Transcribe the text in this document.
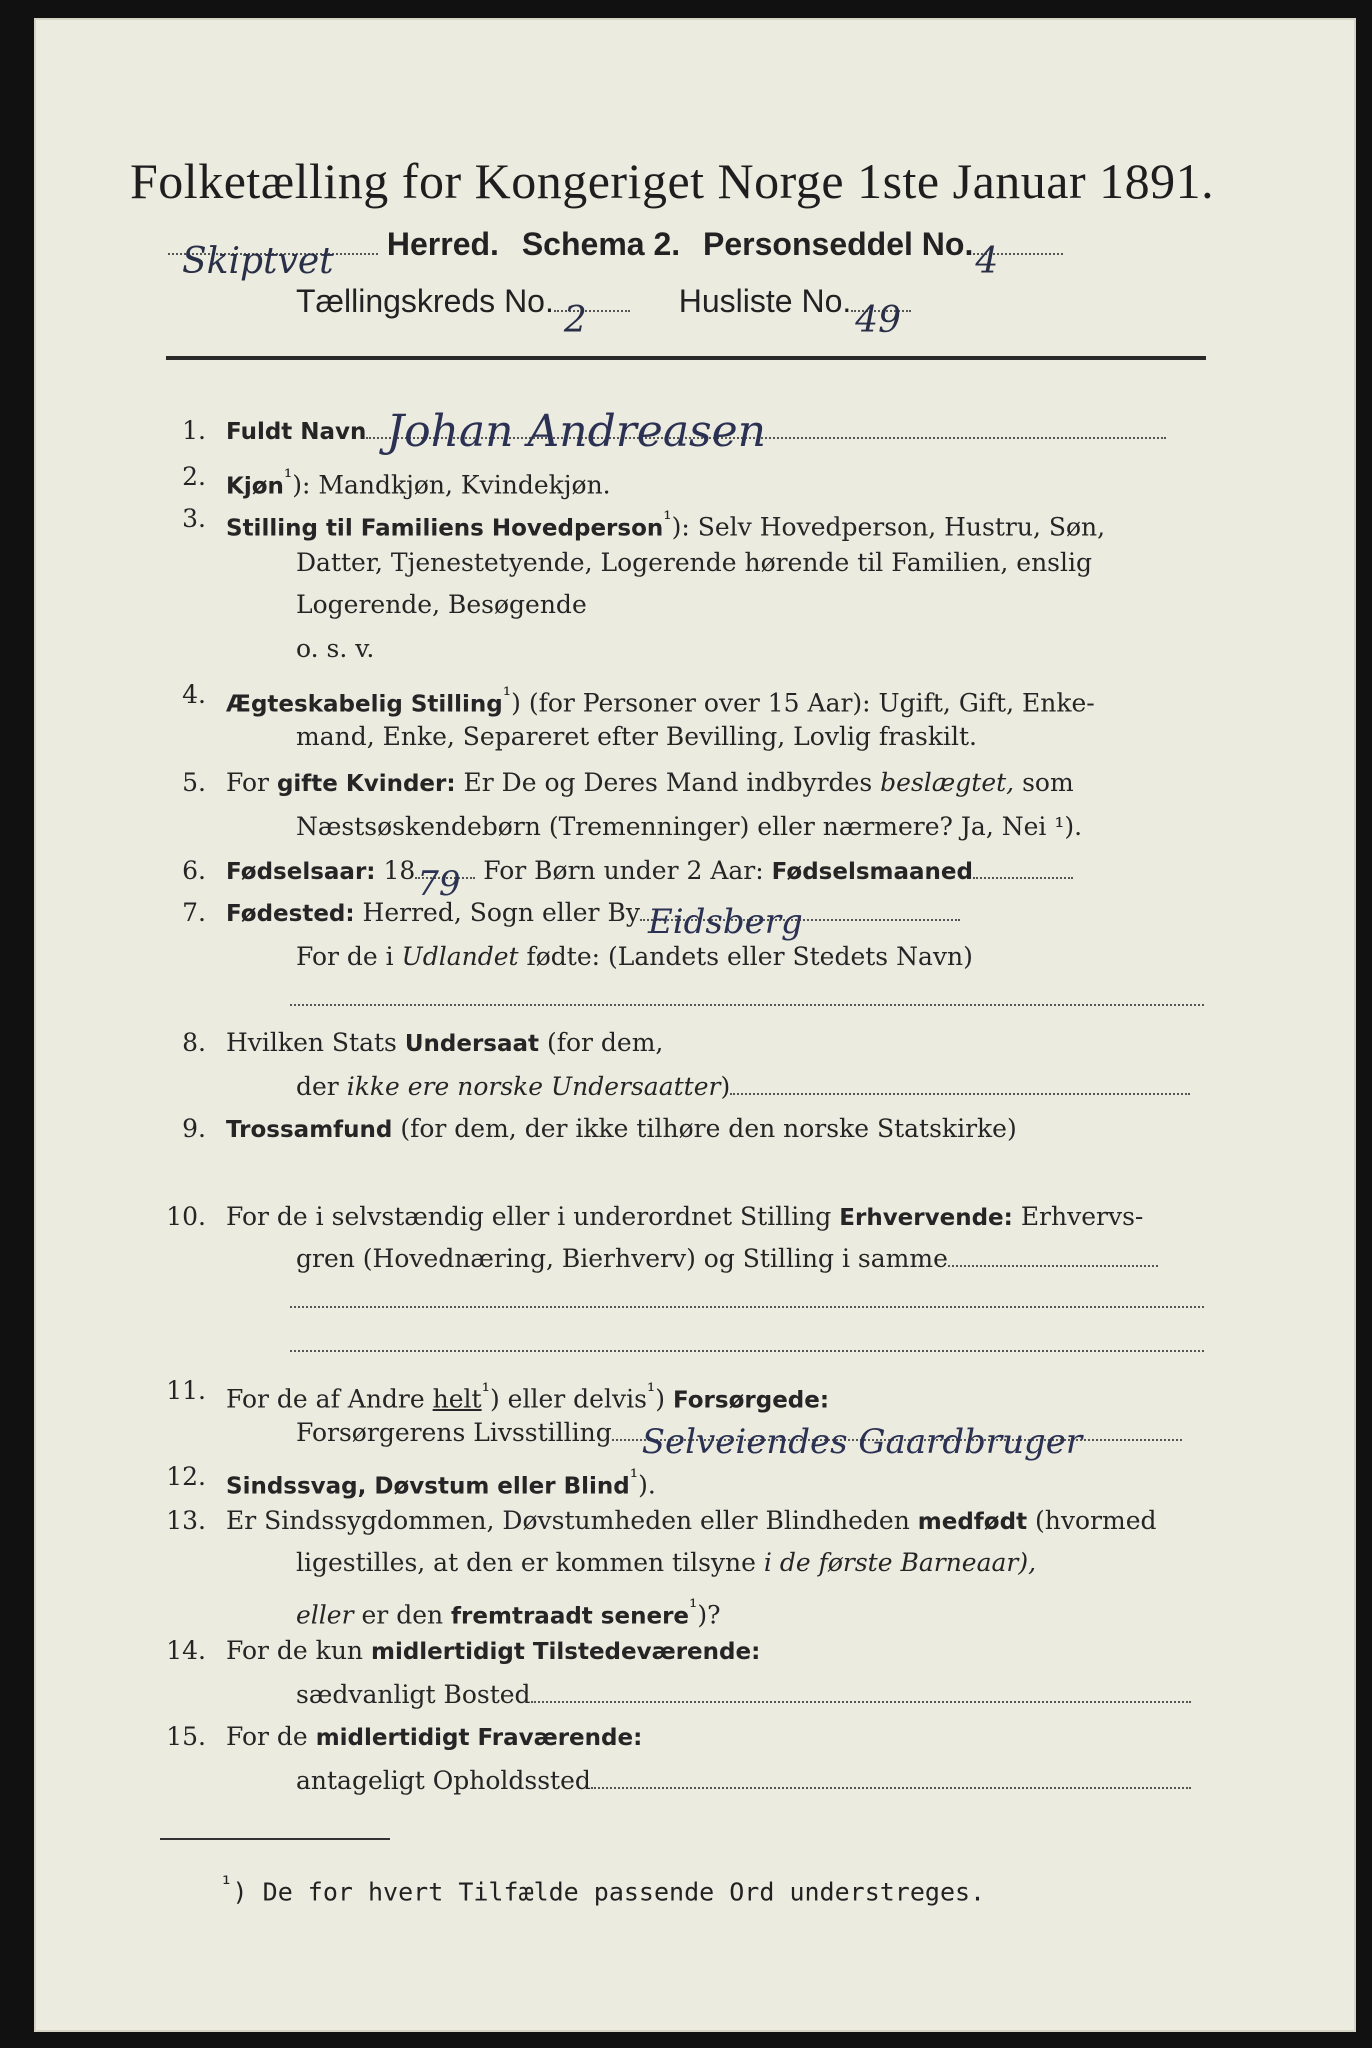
Folketælling for Kongeriget Norge 1ste Januar 1891.
Skiptvet Herred. Schema 2. Personseddel No. 4
Tællingskreds No. 2	Husliste No. 49
1. Fuldt Navn Johan Andreasen
2. Kjøn$^{^1}$): Mandkjøn, Kvindekjøn.
3. Stilling til Familiens Hovedperson$^{^1}$): Selv Hovedperson, Hustru, Søn,
Datter, Tjenestetyende, Logerende hørende til Familien, enslig
Logerende, Besøgende
o. s. v.
4. Ægteskabelig Stilling$^{^1}$) (for Personer over 15 Aar): Ugift, Gift, Enke-
mand, Enke, Separeret efter Bevilling, Lovlig fraskilt.
5. For gifte Kvinder: Er De og Deres Mand indbyrdes beslægtet, som
Næstsøskendebørn (Tremenninger) eller nærmere? Ja, Nei ¹).
6. Fødselsaar: 18 79 For Børn under 2 Aar: Fødselsmaaned
7. Fødested: Herred, Sogn eller By Eidsberg
For de i Udlandet fødte: (Landets eller Stedets Navn)
8. Hvilken Stats Undersaat (for dem,
der ikke ere norske Undersaatter)
9. Trossamfund (for dem, der ikke tilhøre den norske Statskirke)
10. For de i selvstændig eller i underordnet Stilling Erhvervende: Erhvervs-
gren (Hovednæring, Bierhverv) og Stilling i samme
11. For de af Andre helt$^{^1}$) eller delvis$^{^1}$) Forsørgede:
Forsørgerens Livsstilling Selveiendes Gaardbruger
12. Sindssvag, Døvstum eller Blind$^{^1}$).
13. Er Sindssygdommen, Døvstumheden eller Blindheden medfødt (hvormed
ligestilles, at den er kommen tilsyne i de første Barneaar),
eller er den fremtraadt senere$^{^1}$)?
14. For de kun midlertidigt Tilstedeværende:
sædvanligt Bosted
15. For de midlertidigt Fraværende:
antageligt Opholdssted
$^{^1}$) De for hvert Tilfælde passende Ord understreges.
